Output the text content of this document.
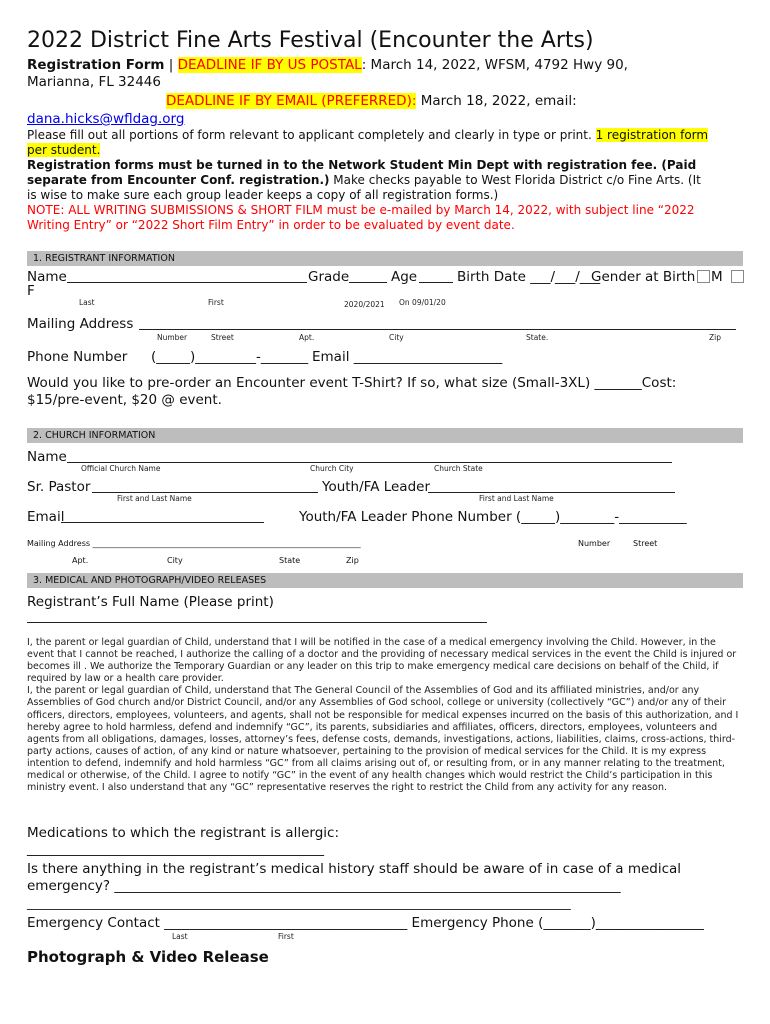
2022 District Fine Arts Festival (Encounter the Arts)
Registration Form | DEADLINE IF BY US POSTAL: March 14, 2022, WFSM, 4792 Hwy 90,
Marianna, FL 32446
DEADLINE IF BY EMAIL (PREFERRED): March 18, 2022, email:
dana.hicks@wfldag.org
Please fill out all portions of form relevant to applicant completely and clearly in type or print. 1 registration form
per student.
Registration forms must be turned in to the Network Student Min Dept with registration fee. (Paid
separate from Encounter Conf. registration.) Make checks payable to West Florida District c/o Fine Arts. (It
is wise to make sure each group leader keeps a copy of all registration forms.)
NOTE: ALL WRITING SUBMISSIONS & SHORT FILM must be e-mailed by March 14, 2022, with subject line “2022
Writing Entry” or “2022 Short Film Entry” in order to be evaluated by event date.
1. REGISTRANT INFORMATION
Name	Grade	Age	Birth Date ___/___/___
Gender at Birth M
F
Last	First	2020/2021 On 09/01/20
Mailing Address
Number	Street	Apt.	City	State.	Zip
Phone Number (_____)_________-_______ Email ______________________
Would you like to pre-order an Encounter event T-Shirt? If so, what size (Small-3XL) _______Cost:
$15/pre-event, $20 @ event.
2. CHURCH INFORMATION
Name
Official Church Name	Church City	Church State
Sr. Pastor	Youth/FA Leader
First and Last Name	First and Last Name
Email	Youth/FA Leader Phone Number (_____)________-__________
Mailing Address ___________________________________________________________________	Number	Street
Apt.	City	State	Zip
3. MEDICAL AND PHOTOGRAPH/VIDEO RELEASES
Registrant’s Full Name (Please print)

I, the parent or legal guardian of Child, understand that I will be notified in the case of a medical emergency involving the Child. However, in the event that I cannot be reached, I authorize the calling of a doctor and the providing of necessary medical services in the event the Child is injured or becomes ill . We authorize the Temporary Guardian or any leader on this trip to make emergency medical care decisions on behalf of the Child, if required by law or a health care provider.

I, the parent or legal guardian of Child, understand that The General Council of the Assemblies of God and its affiliated ministries, and/or any Assemblies of God church and/or District Council, and/or any Assemblies of God school, college or university (collectively “GC”) and/or any of their officers, directors, employees, volunteers, and agents, shall not be responsible for medical expenses incurred on the basis of this authorization, and I hereby agree to hold harmless, defend and indemnify “GC”, its parents, subsidiaries and affiliates, officers, directors, employees, volunteers and agents from all obligations, damages, losses, attorney’s fees, defense costs, demands, investigations, actions, liabilities, claims, cross-actions, third-party actions, causes of action, of any kind or nature whatsoever, pertaining to the provision of medical services for the Child. It is my express intention to defend, indemnify and hold harmless “GC” from all claims arising out of, or resulting from, or in any manner relating to the treatment, medical or otherwise, of the Child. I agree to notify “GC” in the event of any health changes which would restrict the Child’s participation in this ministry event. I also understand that any “GC” representative reserves the right to restrict the Child from any activity for any reason.

Medications to which the registrant is allergic:
____________________________________________
Is there anything in the registrant’s medical history staff should be aware of in case of a medical
emergency? ___________________________________________________________________________
_______________________________________________________________________________________
Emergency Contact ____________________________________ Emergency Phone (_______)________________
Last	First
Photograph & Video Release
